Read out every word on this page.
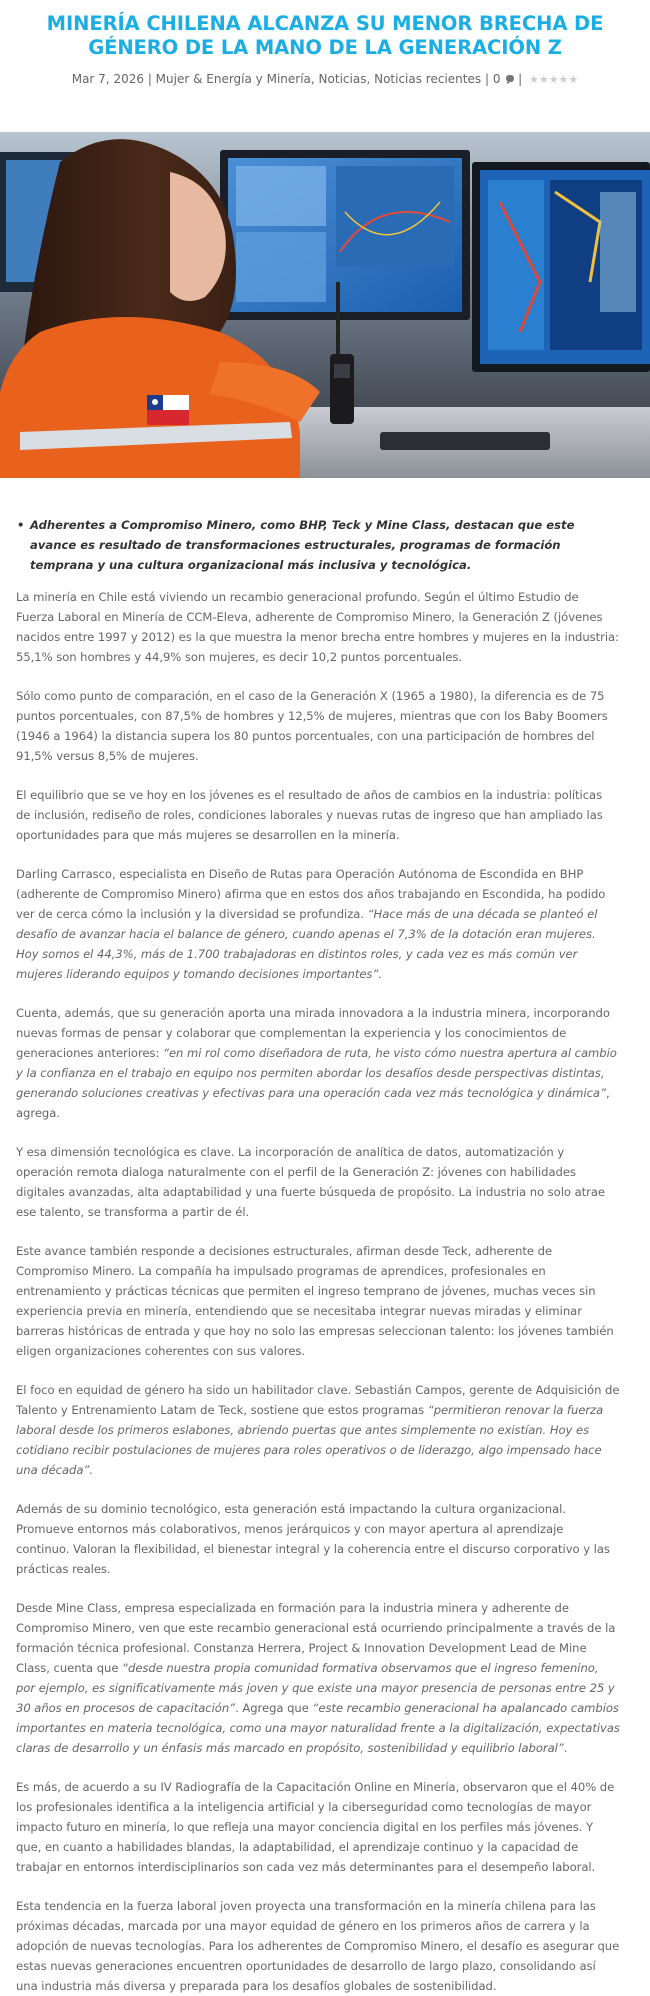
MINERÍA CHILENA ALCANZA SU MENOR BRECHA DE GÉNERO DE LA MANO DE LA GENERACIÓN Z
Mar 7, 2026 | Mujer & Energía y Minería, Noticias, Noticias recientes | 0  | ★★★★★
• Adherentes a Compromiso Minero, como BHP, Teck y Mine Class, destacan que este avance es resultado de transformaciones estructurales, programas de formación temprana y una cultura organizacional más inclusiva y tecnológica.

La minería en Chile está viviendo un recambio generacional profundo. Según el último Estudio de Fuerza Laboral en Minería de CCM-Eleva, adherente de Compromiso Minero, la Generación Z (jóvenes nacidos entre 1997 y 2012) es la que muestra la menor brecha entre hombres y mujeres en la industria: 55,1% son hombres y 44,9% son mujeres, es decir 10,2 puntos porcentuales.

Sólo como punto de comparación, en el caso de la Generación X (1965 a 1980), la diferencia es de 75 puntos porcentuales, con 87,5% de hombres y 12,5% de mujeres, mientras que con los Baby Boomers (1946 a 1964) la distancia supera los 80 puntos porcentuales, con una participación de hombres del 91,5% versus 8,5% de mujeres.

El equilibrio que se ve hoy en los jóvenes es el resultado de años de cambios en la industria: políticas de inclusión, rediseño de roles, condiciones laborales y nuevas rutas de ingreso que han ampliado las oportunidades para que más mujeres se desarrollen en la minería.

Darling Carrasco, especialista en Diseño de Rutas para Operación Autónoma de Escondida en BHP (adherente de Compromiso Minero) afirma que en estos dos años trabajando en Escondida, ha podido ver de cerca cómo la inclusión y la diversidad se profundiza. “Hace más de una década se planteó el desafío de avanzar hacia el balance de género, cuando apenas el 7,3% de la dotación eran mujeres. Hoy somos el 44,3%, más de 1.700 trabajadoras en distintos roles, y cada vez es más común ver mujeres liderando equipos y tomando decisiones importantes”.

Cuenta, además, que su generación aporta una mirada innovadora a la industria minera, incorporando nuevas formas de pensar y colaborar que complementan la experiencia y los conocimientos de generaciones anteriores: “en mi rol como diseñadora de ruta, he visto cómo nuestra apertura al cambio y la confianza en el trabajo en equipo nos permiten abordar los desafíos desde perspectivas distintas, generando soluciones creativas y efectivas para una operación cada vez más tecnológica y dinámica”, agrega.

Y esa dimensión tecnológica es clave. La incorporación de analítica de datos, automatización y operación remota dialoga naturalmente con el perfil de la Generación Z: jóvenes con habilidades digitales avanzadas, alta adaptabilidad y una fuerte búsqueda de propósito. La industria no solo atrae ese talento, se transforma a partir de él.

Este avance también responde a decisiones estructurales, afirman desde Teck, adherente de Compromiso Minero. La compañía ha impulsado programas de aprendices, profesionales en entrenamiento y prácticas técnicas que permiten el ingreso temprano de jóvenes, muchas veces sin experiencia previa en minería, entendiendo que se necesitaba integrar nuevas miradas y eliminar barreras históricas de entrada y que hoy no solo las empresas seleccionan talento: los jóvenes también eligen organizaciones coherentes con sus valores.

El foco en equidad de género ha sido un habilitador clave. Sebastián Campos, gerente de Adquisición de Talento y Entrenamiento Latam de Teck, sostiene que estos programas “permitieron renovar la fuerza laboral desde los primeros eslabones, abriendo puertas que antes simplemente no existían. Hoy es cotidiano recibir postulaciones de mujeres para roles operativos o de liderazgo, algo impensado hace una década”.

Además de su dominio tecnológico, esta generación está impactando la cultura organizacional. Promueve entornos más colaborativos, menos jerárquicos y con mayor apertura al aprendizaje continuo. Valoran la flexibilidad, el bienestar integral y la coherencia entre el discurso corporativo y las prácticas reales.

Desde Mine Class, empresa especializada en formación para la industria minera y adherente de Compromiso Minero, ven que este recambio generacional está ocurriendo principalmente a través de la formación técnica profesional. Constanza Herrera, Project & Innovation Development Lead de Mine Class, cuenta que “desde nuestra propia comunidad formativa observamos que el ingreso femenino, por ejemplo, es significativamente más joven y que existe una mayor presencia de personas entre 25 y 30 años en procesos de capacitación”. Agrega que “este recambio generacional ha apalancado cambios importantes en materia tecnológica, como una mayor naturalidad frente a la digitalización, expectativas claras de desarrollo y un énfasis más marcado en propósito, sostenibilidad y equilibrio laboral”.

Es más, de acuerdo a su IV Radiografía de la Capacitación Online en Minería, observaron que el 40% de los profesionales identifica a la inteligencia artificial y la ciberseguridad como tecnologías de mayor impacto futuro en minería, lo que refleja una mayor conciencia digital en los perfiles más jóvenes. Y que, en cuanto a habilidades blandas, la adaptabilidad, el aprendizaje continuo y la capacidad de trabajar en entornos interdisciplinarios son cada vez más determinantes para el desempeño laboral.

Esta tendencia en la fuerza laboral joven proyecta una transformación en la minería chilena para las próximas décadas, marcada por una mayor equidad de género en los primeros años de carrera y la adopción de nuevas tecnologías. Para los adherentes de Compromiso Minero, el desafío es asegurar que estas nuevas generaciones encuentren oportunidades de desarrollo de largo plazo, consolidando así una industria más diversa y preparada para los desafíos globales de sostenibilidad.
